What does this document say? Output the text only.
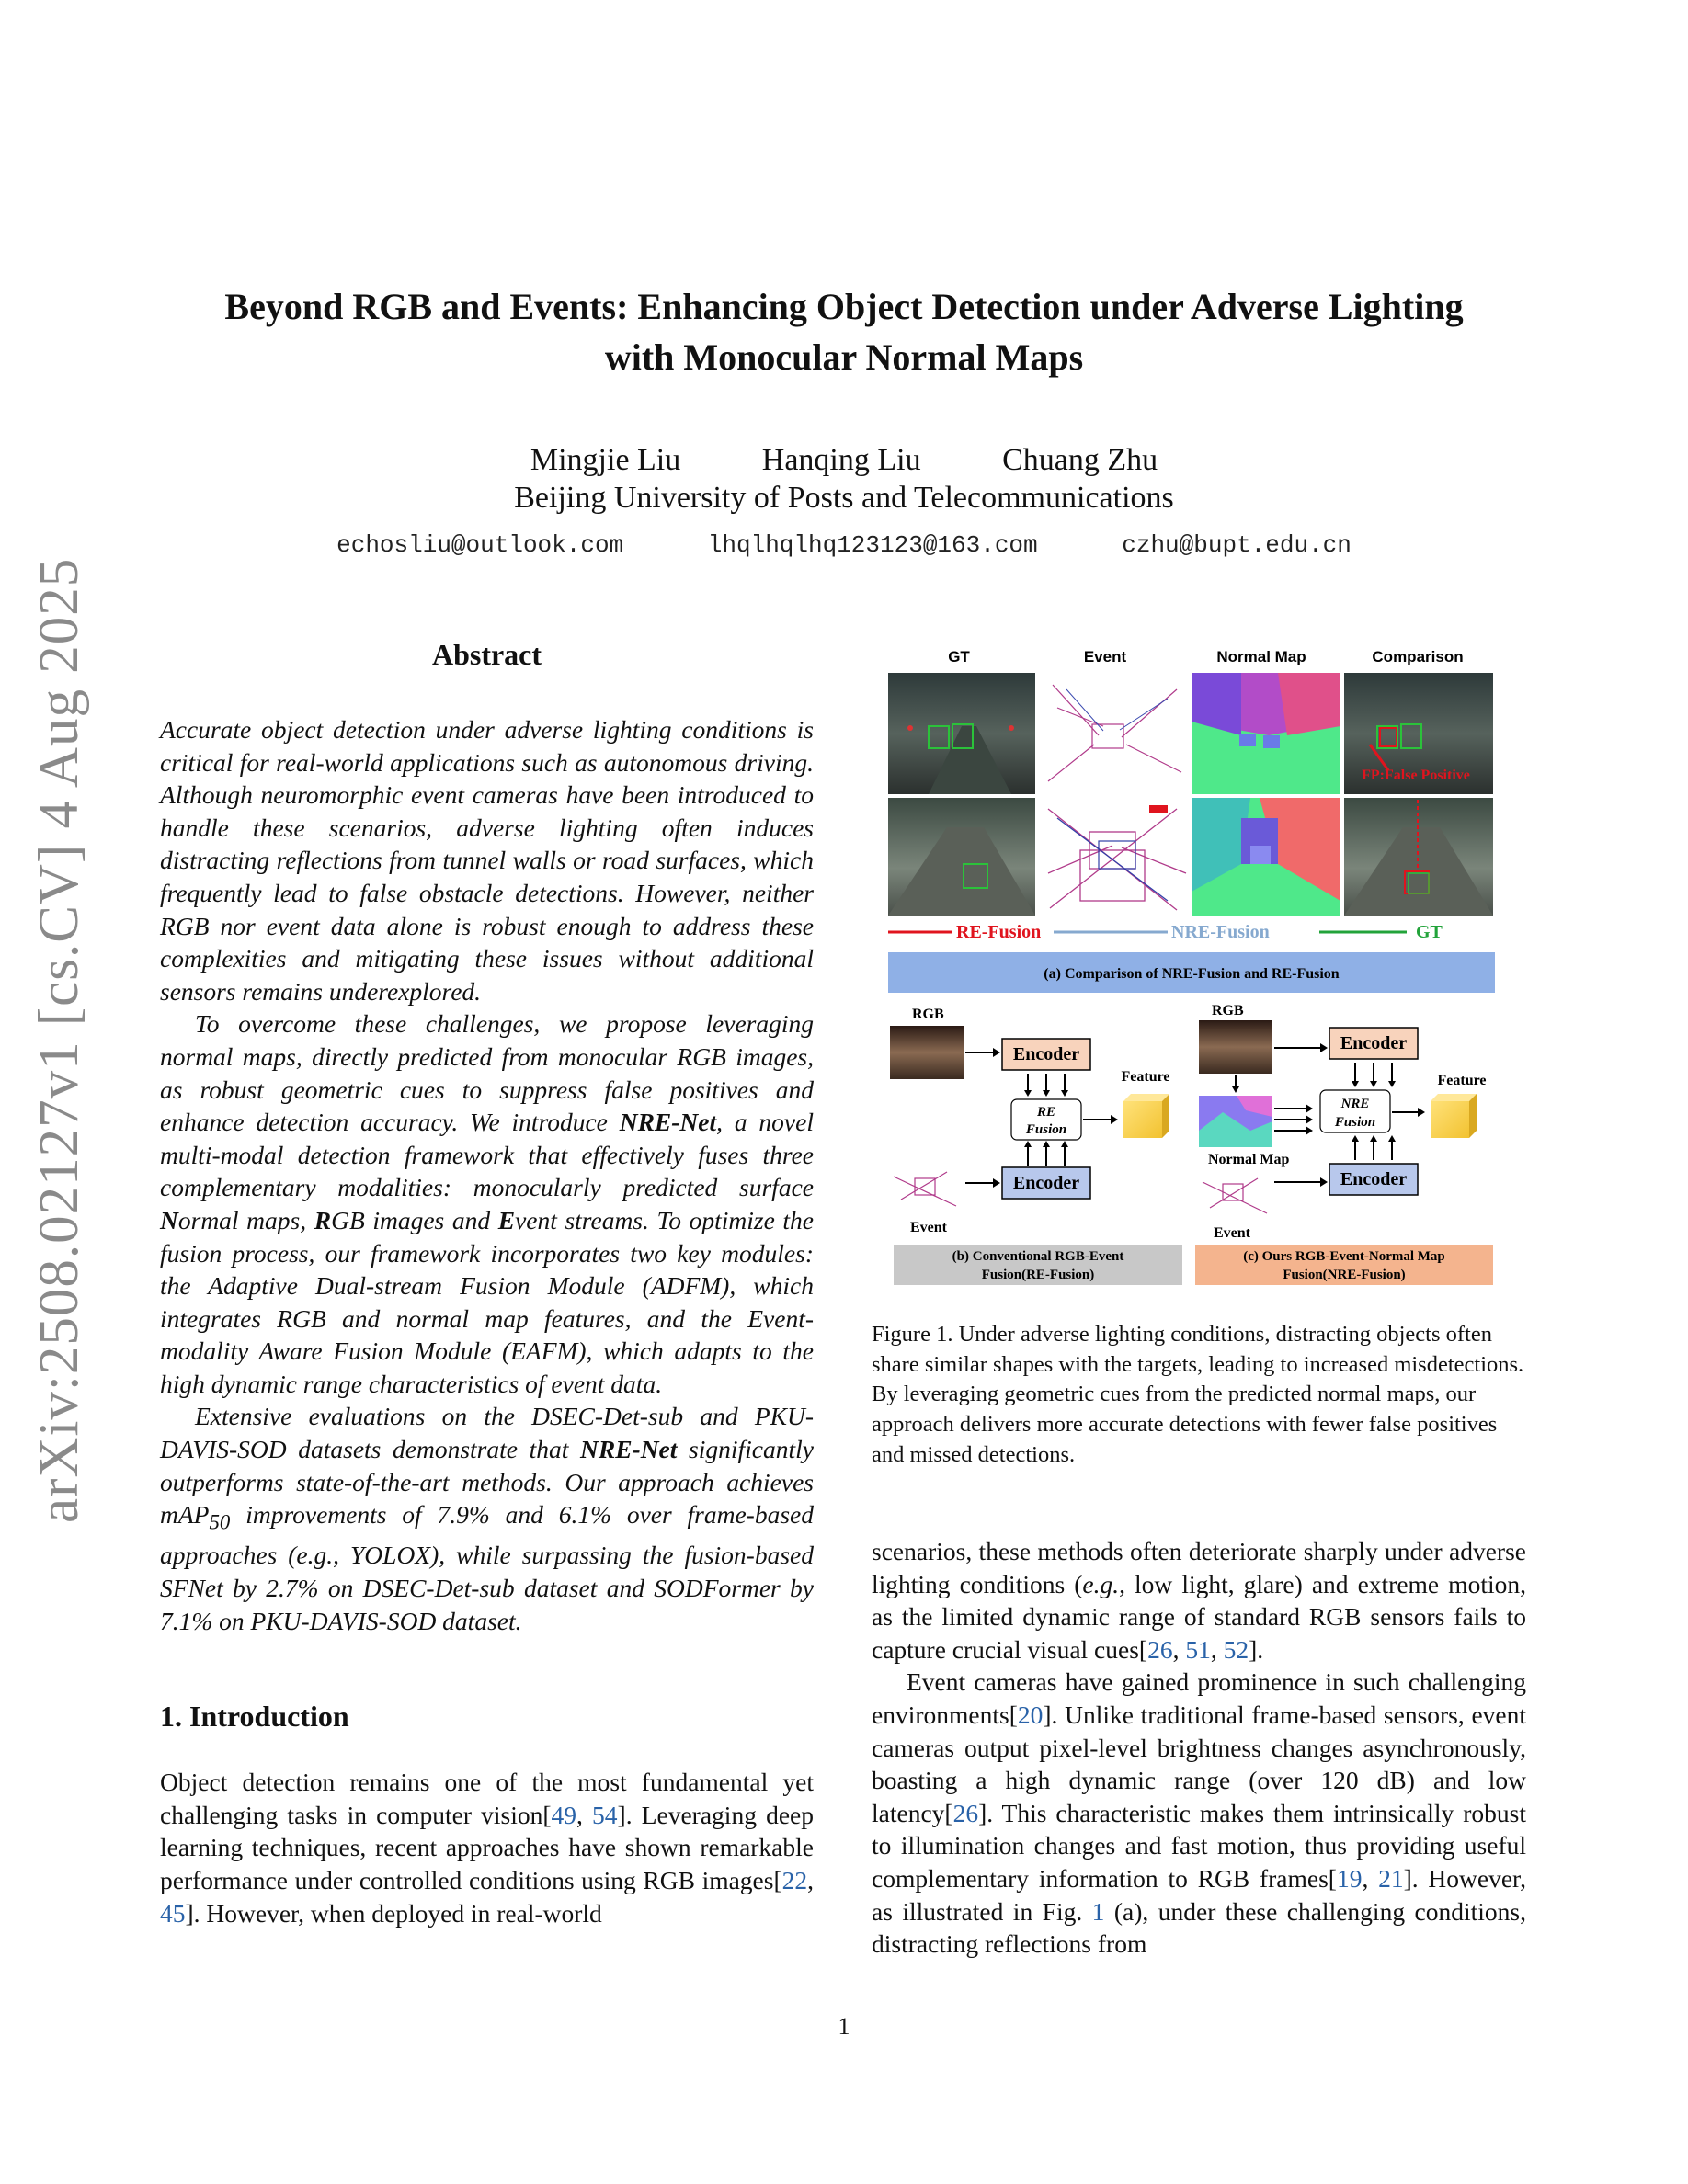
arXiv:2508.02127v1 [cs.CV] 4 Aug 2025
Beyond RGB and Events: Enhancing Object Detection under Adverse Lighting
with Monocular Normal Maps
Mingjie Liu	Hanqing Liu	Chuang Zhu
Beijing University of Posts and Telecommunications
echosliu@outlook.com	lhqlhqlhq123123@163.com	czhu@bupt.edu.cn
Abstract

Accurate object detection under adverse lighting conditions is critical for real-world applications such as autonomous driving. Although neuromorphic event cameras have been introduced to handle these scenarios, adverse lighting often induces distracting reflections from tunnel walls or road surfaces, which frequently lead to false obstacle detections. However, neither RGB nor event data alone is robust enough to address these complexities and mitigating these issues without additional sensors remains underexplored.

To overcome these challenges, we propose leveraging normal maps, directly predicted from monocular RGB images, as robust geometric cues to suppress false positives and enhance detection accuracy. We introduce NRE-Net, a novel multi-modal detection framework that effectively fuses three complementary modalities: monocularly predicted surface Normal maps, RGB images and Event streams. To optimize the fusion process, our framework incorporates two key modules: the Adaptive Dual-stream Fusion Module (ADFM), which integrates RGB and normal map features, and the Event-modality Aware Fusion Module (EAFM), which adapts to the high dynamic range characteristics of event data.

Extensive evaluations on the DSEC-Det-sub and PKU-DAVIS-SOD datasets demonstrate that NRE-Net significantly outperforms state-of-the-art methods. Our approach achieves mAP$_{50}$ improvements of 7.9% and 6.1% over frame-based approaches (e.g., YOLOX), while surpassing the fusion-based SFNet by 2.7% on DSEC-Det-sub dataset and SODFormer by 7.1% on PKU-DAVIS-SOD dataset.

1. Introduction

Object detection remains one of the most fundamental yet challenging tasks in computer vision[49, 54]. Leveraging deep learning techniques, recent approaches have shown remarkable performance under controlled conditions using RGB images[22, 45]. However, when deployed in real-world

GT	Event	Normal Map	Comparison
FP:False Positive
RE-Fusion	NRE-Fusion	GT
(a) Comparison of NRE-Fusion and RE-Fusion
RGB
Encoder
RE
Fusion
Feature
Encoder
Event
(b) Conventional RGB-Event
Fusion(RE-Fusion)
RGB
Encoder
NRE
Fusion
Feature
Normal Map
Encoder
Event
(c) Ours RGB-Event-Normal Map
Fusion(NRE-Fusion)
Figure 1. Under adverse lighting conditions, distracting objects often share similar shapes with the targets, leading to increased misdetections. By leveraging geometric cues from the predicted normal maps, our approach delivers more accurate detections with fewer false positives and missed detections.

scenarios, these methods often deteriorate sharply under adverse lighting conditions (e.g., low light, glare) and extreme motion, as the limited dynamic range of standard RGB sensors fails to capture crucial visual cues[26, 51, 52].

Event cameras have gained prominence in such challenging environments[20]. Unlike traditional frame-based sensors, event cameras output pixel-level brightness changes asynchronously, boasting a high dynamic range (over 120 dB) and low latency[26]. This characteristic makes them intrinsically robust to illumination changes and fast motion, thus providing useful complementary information to RGB frames[19, 21]. However, as illustrated in Fig. 1 (a), under these challenging conditions, distracting reflections from

1
